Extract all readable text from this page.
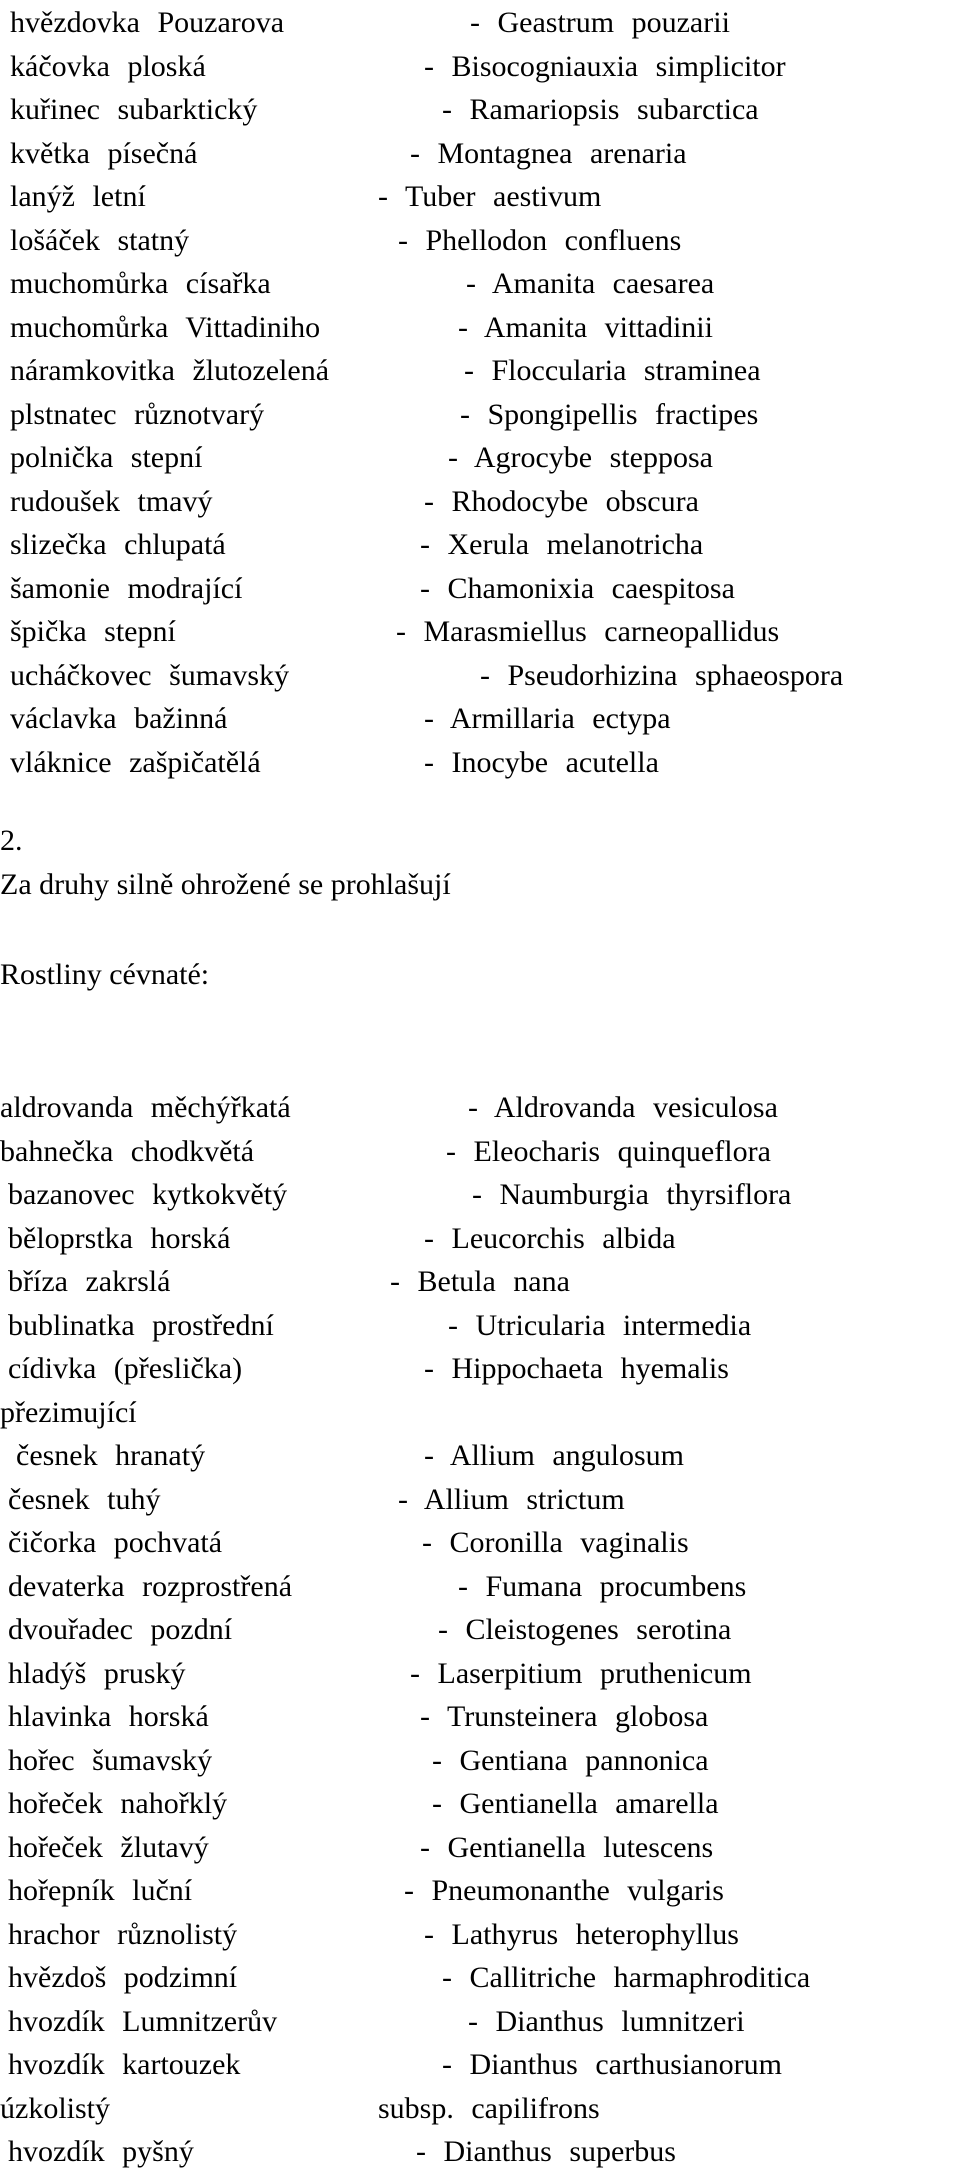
hvězdovka Pouzarova	- Geastrum pouzarii
káčovka ploská	- Bisocogniauxia simplicitor
kuřinec subarktický	- Ramariopsis subarctica
květka písečná	- Montagnea arenaria
lanýž letní	- Tuber aestivum
lošáček statný	- Phellodon confluens
muchomůrka císařka	- Amanita caesarea
muchomůrka Vittadiniho	- Amanita vittadinii
náramkovitka žlutozelená	- Floccularia straminea
plstnatec různotvarý	- Spongipellis fractipes
polnička stepní	- Agrocybe stepposa
rudoušek tmavý	- Rhodocybe obscura
slizečka chlupatá	- Xerula melanotricha
šamonie modrající	- Chamonixia caespitosa
špička stepní	- Marasmiellus carneopallidus
ucháčkovec šumavský	- Pseudorhizina sphaeospora
václavka bažinná	- Armillaria ectypa
vláknice zašpičatělá	- Inocybe acutella
2.
Za druhy silně ohrožené se prohlašují
Rostliny cévnaté:
aldrovanda měchýřkatá	- Aldrovanda vesiculosa
bahnečka chodkvětá	- Eleocharis quinqueflora
bazanovec kytkokvětý	- Naumburgia thyrsiflora
běloprstka horská	- Leucorchis albida
bříza zakrslá	- Betula nana
bublinatka prostřední	- Utricularia intermedia
cídivka (přeslička)	- Hippochaeta hyemalis
přezimující
česnek hranatý	- Allium angulosum
česnek tuhý	- Allium strictum
čičorka pochvatá	- Coronilla vaginalis
devaterka rozprostřená	- Fumana procumbens
dvouřadec pozdní	- Cleistogenes serotina
hladýš pruský	- Laserpitium pruthenicum
hlavinka horská	- Trunsteinera globosa
hořec šumavský	- Gentiana pannonica
hořeček nahořklý	- Gentianella amarella
hořeček žlutavý	- Gentianella lutescens
hořepník luční	- Pneumonanthe vulgaris
hrachor různolistý	- Lathyrus heterophyllus
hvězdoš podzimní	- Callitriche harmaphroditica
hvozdík Lumnitzerův	- Dianthus lumnitzeri
hvozdík kartouzek	- Dianthus carthusianorum
úzkolistý	subsp. capilifrons
hvozdík pyšný	- Dianthus superbus
